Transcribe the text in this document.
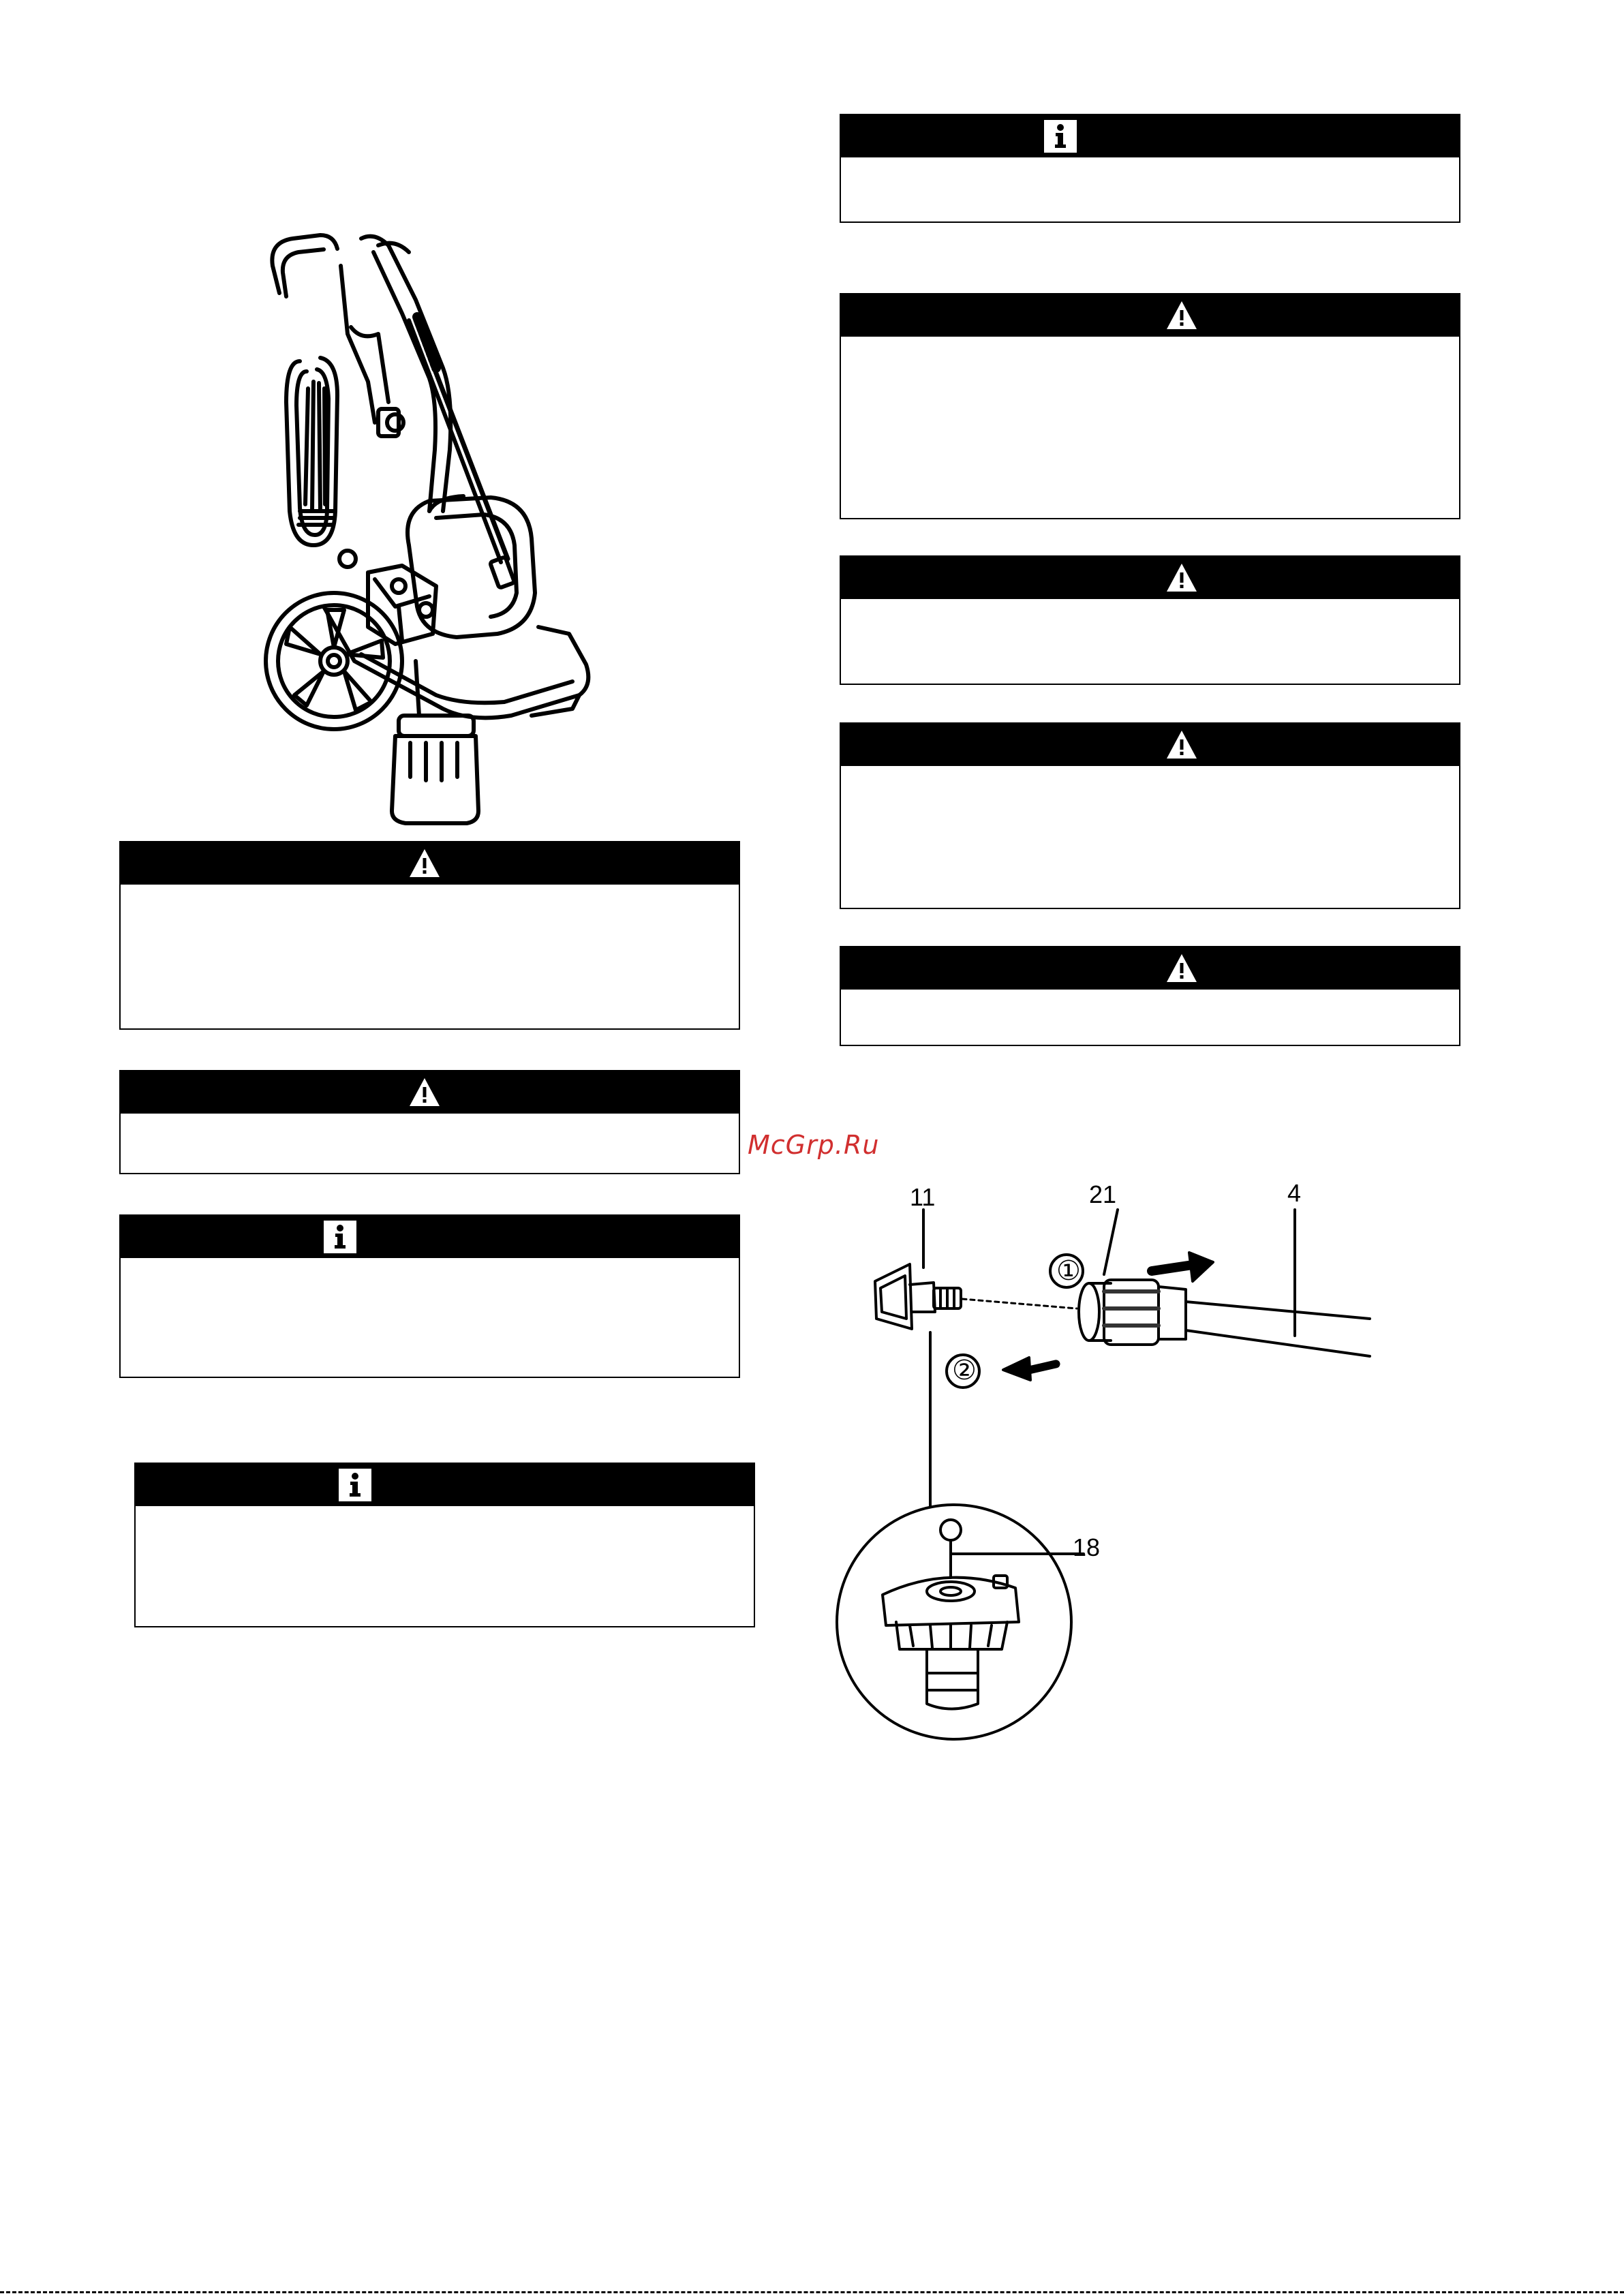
McGrp.Ru
11	21	4
18
①
②
